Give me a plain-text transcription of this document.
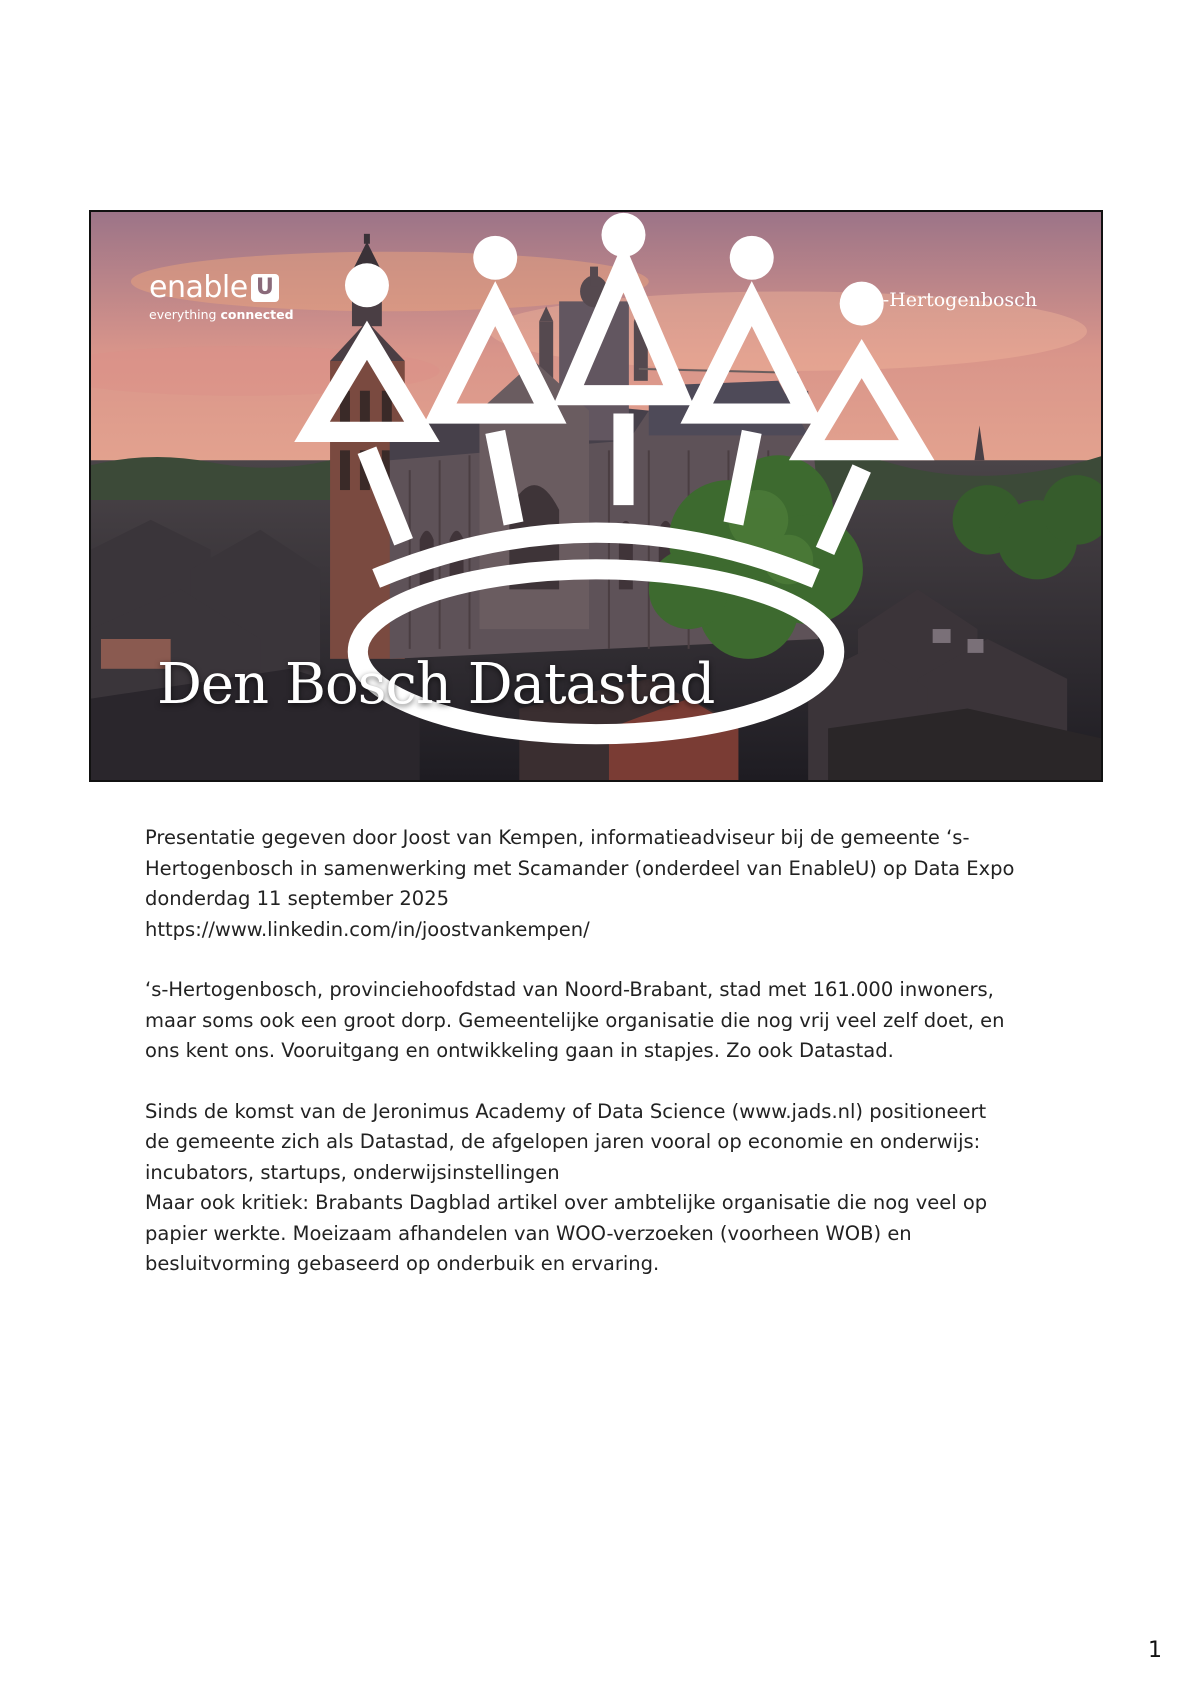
enable U
everything connected
’s-Hertogenbosch
Den Bosch Datastad

Presentatie gegeven door Joost van Kempen, informatieadviseur bij de gemeente ‘s-
Hertogenbosch in samenwerking met Scamander (onderdeel van EnableU) op Data Expo
donderdag 11 september 2025
https://www.linkedin.com/in/joostvankempen/

‘s-Hertogenbosch, provinciehoofdstad van Noord-Brabant, stad met 161.000 inwoners,
maar soms ook een groot dorp. Gemeentelijke organisatie die nog vrij veel zelf doet, en
ons kent ons. Vooruitgang en ontwikkeling gaan in stapjes. Zo ook Datastad.

Sinds de komst van de Jeronimus Academy of Data Science (www.jads.nl) positioneert
de gemeente zich als Datastad, de afgelopen jaren vooral op economie en onderwijs:
incubators, startups, onderwijsinstellingen
Maar ook kritiek: Brabants Dagblad artikel over ambtelijke organisatie die nog veel op
papier werkte. Moeizaam afhandelen van WOO-verzoeken (voorheen WOB) en
besluitvorming gebaseerd op onderbuik en ervaring.

1
